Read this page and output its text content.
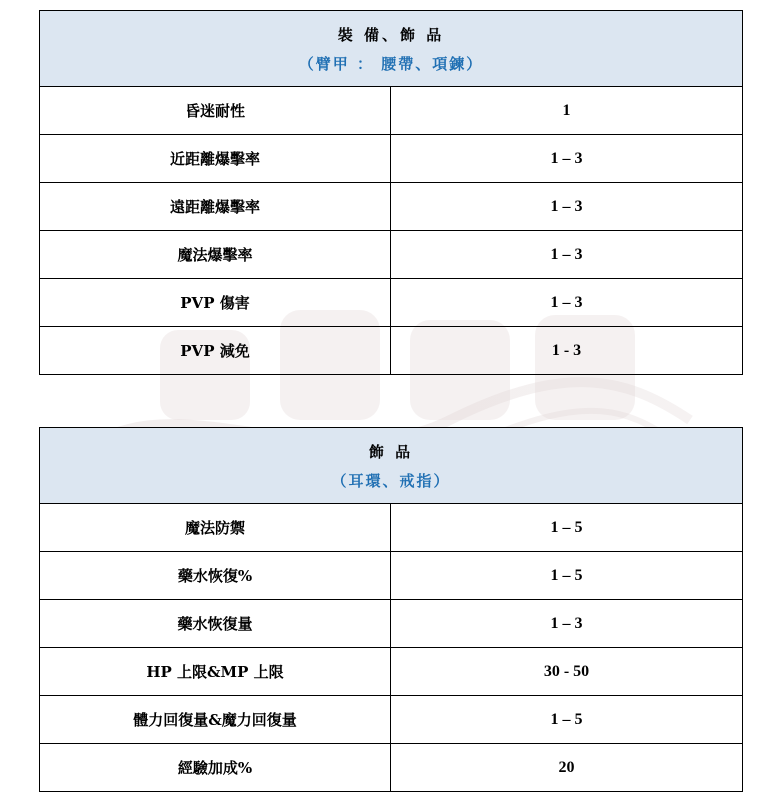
裝 備、飾 品
（臂甲 ： 腰帶、項鍊）	

昏迷耐性	1
近距離爆擊率	1 – 3
遠距離爆擊率	1 – 3
魔法爆擊率	1 – 3
PVP 傷害	1 – 3
PVP 減免	1 - 3
飾 品
（耳環、戒指）	

魔法防禦	1 – 5
藥水恢復%	1 – 5
藥水恢復量	1 – 3
HP 上限&MP 上限	30 - 50
體力回復量&魔力回復量	1 – 5
經驗加成%	20
